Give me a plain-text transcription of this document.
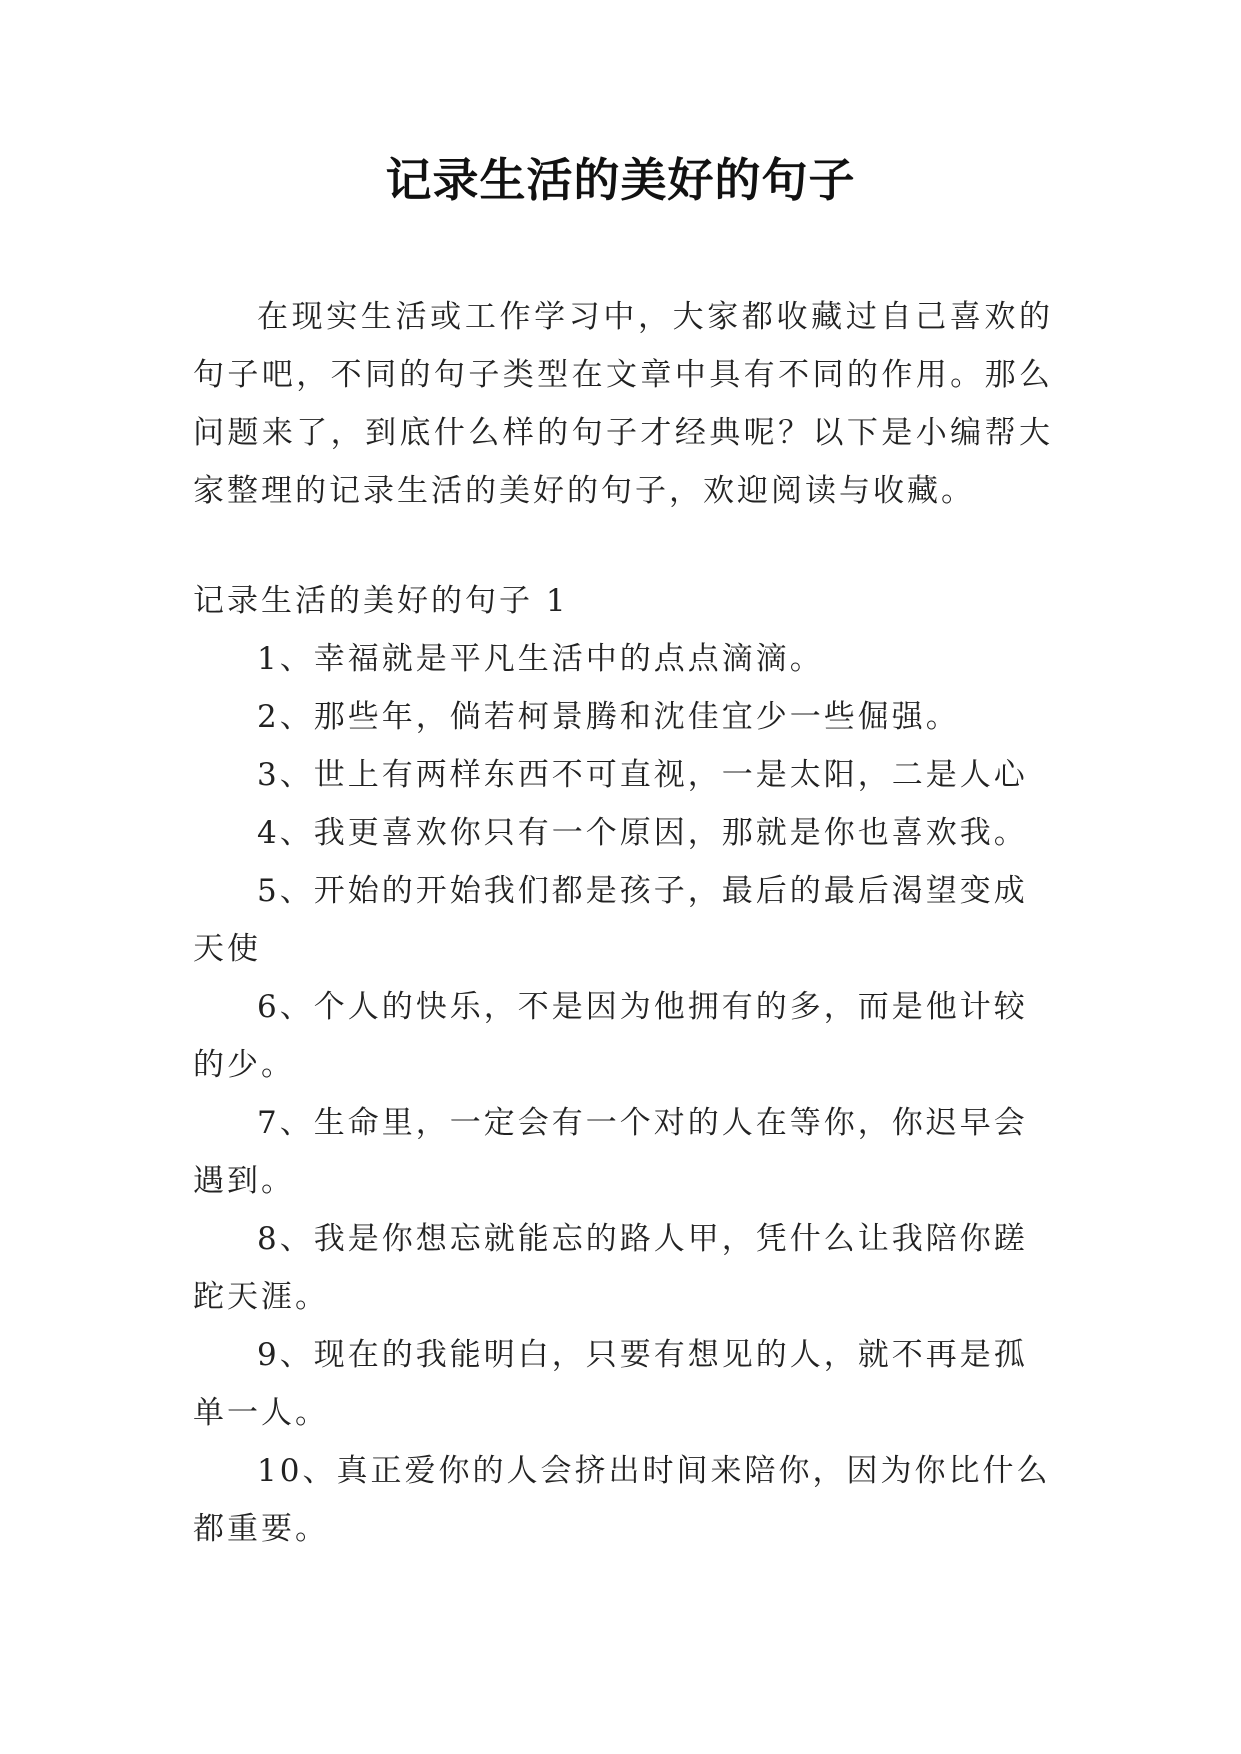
记录生活的美好的句子

在现实生活或工作学习中，大家都收藏过自己喜欢的句子吧，不同的句子类型在文章中具有不同的作用。那么问题来了，到底什么样的句子才经典呢？以下是小编帮大家整理的记录生活的美好的句子，欢迎阅读与收藏。

记录生活的美好的句子 1

1、幸福就是平凡生活中的点点滴滴。

2、那些年，倘若柯景腾和沈佳宜少一些倔强。

3、世上有两样东西不可直视，一是太阳，二是人心

4、我更喜欢你只有一个原因，那就是你也喜欢我。

5、开始的开始我们都是孩子，最后的最后渴望变成天使

6、个人的快乐，不是因为他拥有的多，而是他计较的少。

7、生命里，一定会有一个对的人在等你，你迟早会遇到。

8、我是你想忘就能忘的路人甲，凭什么让我陪你蹉跎天涯。

9、现在的我能明白，只要有想见的人，就不再是孤单一人。

10、真正爱你的人会挤出时间来陪你，因为你比什么都重要。
